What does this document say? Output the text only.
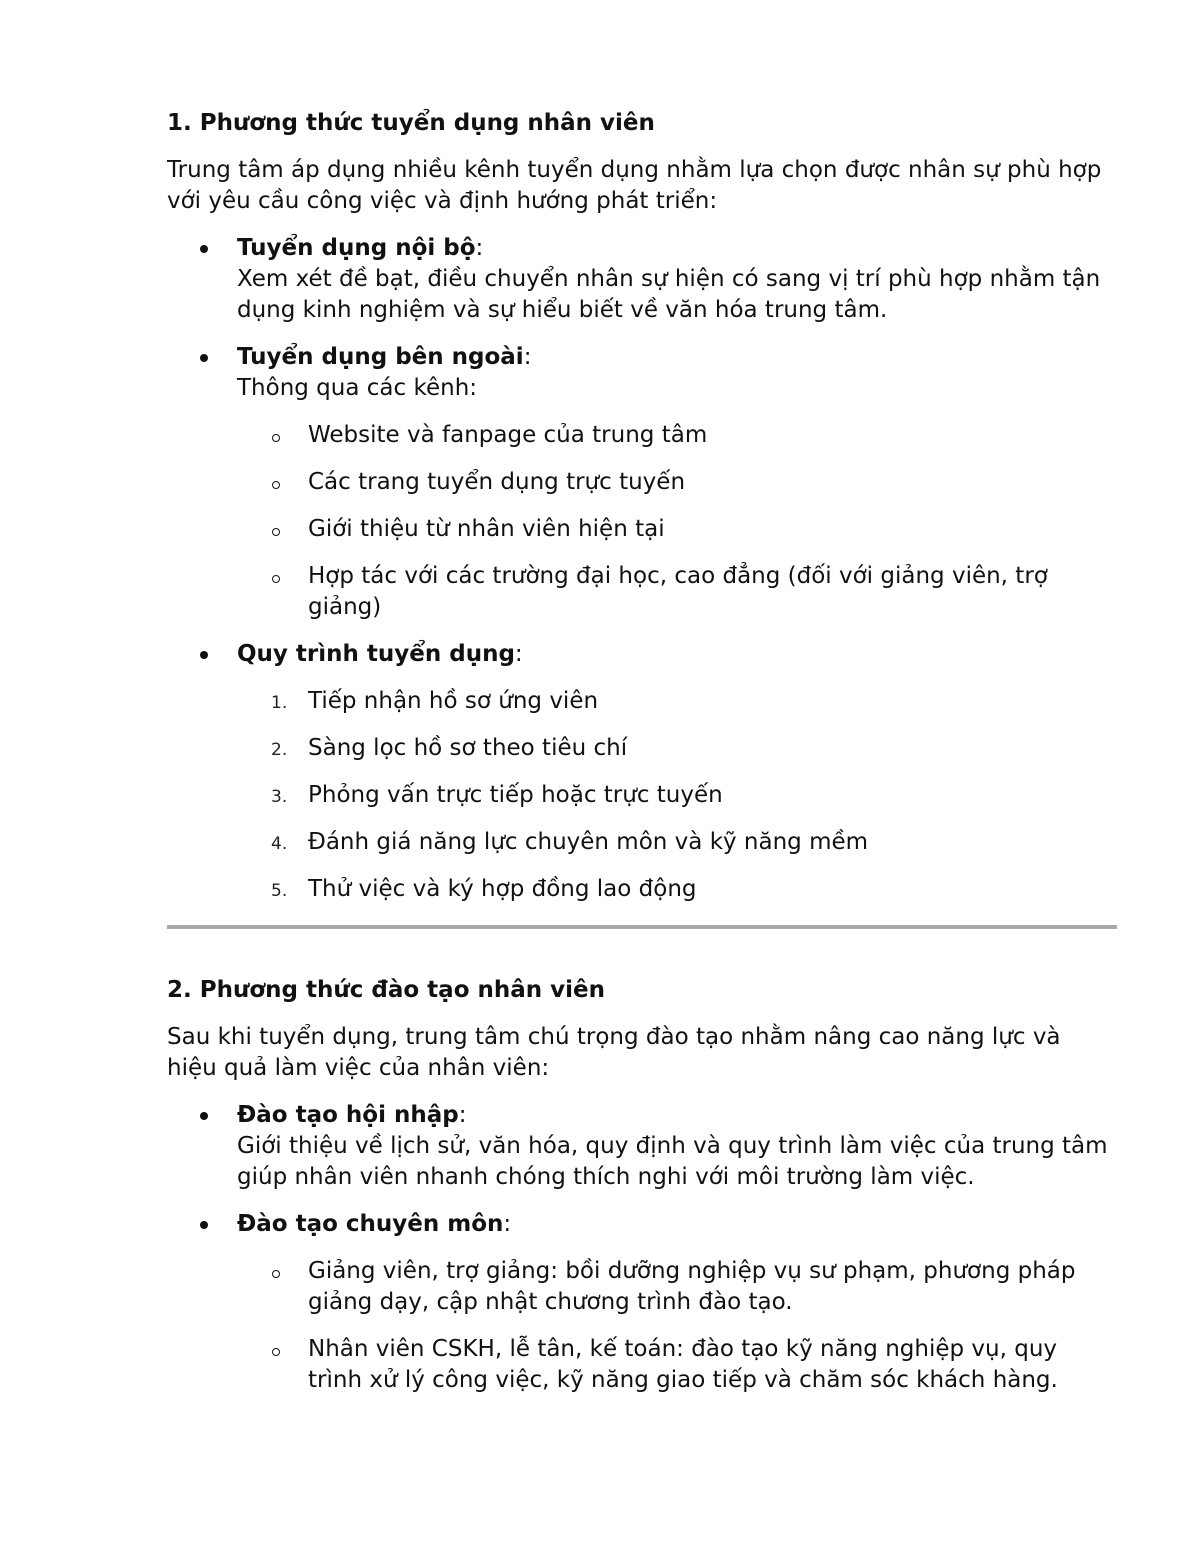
1. Phương thức tuyển dụng nhân viên

Trung tâm áp dụng nhiều kênh tuyển dụng nhằm lựa chọn được nhân sự phù hợp với yêu cầu công việc và định hướng phát triển:

Tuyển dụng nội bộ:
Xem xét đề bạt, điều chuyển nhân sự hiện có sang vị trí phù hợp nhằm tận dụng kinh nghiệm và sự hiểu biết về văn hóa trung tâm.
Tuyển dụng bên ngoài:
Thông qua các kênh:
Website và fanpage của trung tâm
Các trang tuyển dụng trực tuyến
Giới thiệu từ nhân viên hiện tại
Hợp tác với các trường đại học, cao đẳng (đối với giảng viên, trợ giảng)
Quy trình tuyển dụng:
1. Tiếp nhận hồ sơ ứng viên
2. Sàng lọc hồ sơ theo tiêu chí
3. Phỏng vấn trực tiếp hoặc trực tuyến
4. Đánh giá năng lực chuyên môn và kỹ năng mềm
5. Thử việc và ký hợp đồng lao động
2. Phương thức đào tạo nhân viên

Sau khi tuyển dụng, trung tâm chú trọng đào tạo nhằm nâng cao năng lực và hiệu quả làm việc của nhân viên:

Đào tạo hội nhập:
Giới thiệu về lịch sử, văn hóa, quy định và quy trình làm việc của trung tâm giúp nhân viên nhanh chóng thích nghi với môi trường làm việc.
Đào tạo chuyên môn:
Giảng viên, trợ giảng: bồi dưỡng nghiệp vụ sư phạm, phương pháp giảng dạy, cập nhật chương trình đào tạo.
Nhân viên CSKH, lễ tân, kế toán: đào tạo kỹ năng nghiệp vụ, quy trình xử lý công việc, kỹ năng giao tiếp và chăm sóc khách hàng.
